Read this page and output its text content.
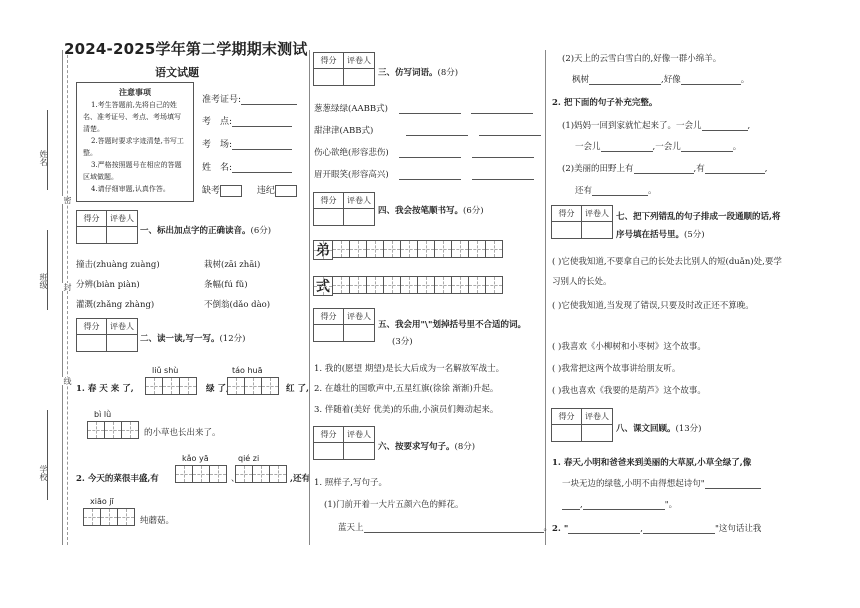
姓名
班级
学校
密
封
线
2024-2025学年第二学期期末测试
语文试题
注意事项

1.考生答题前,先将自己的姓名、准考证号、考点、考场填写清楚。

2.答题时要求字迹清楚,书写工整。

3.严格按照题号在相应的答题区域做题。

4.请仔细审题,认真作答。

准考证号:
考　点:
考　场:
姓　名:
缺考	违纪
得分	评卷人
一、标出加点字的正确读音。(6分)
撞击(zhuàng zuàng)	栽树(zāi zhāi)
分辨(biàn piàn)	条幅(fú fǔ)
灌溉(zhǎng zhàng)	不倒翁(dǎo dào)
得分	评卷人
二、读一读,写一写。(12分)
1. 春 天 来 了,
liǔ shù
绿 了,
táo huā
红 了,
bì lǜ
的小草也长出来了。
2. 今天的菜很丰盛,有
kǎo yā
、
qié zi
,还有
xiāo jī
纯蘑菇。
得分	评卷人
三、仿写词语。(8分)
葱葱绿绿(AABB式)
甜津津(ABB式)
伤心欲绝(形容悲伤)
眉开眼笑(形容高兴)
得分	评卷人
四、我会按笔顺书写。(6分)
弟
式
得分	评卷人
五、我会用"\"划掉括号里不合适的词。
(3分)
1. 我的(愿望 期望)是长大后成为一名解放军战士。
2. 在雄壮的国歌声中,五星红旗(徐徐 渐渐)升起。
3. 伴随着(美好 优美)的乐曲,小演员们舞动起来。
得分	评卷人
六、按要求写句子。(8分)
1. 照样子,写句子。
(1)门前开着一大片五颜六色的鲜花。
蓝天上	。
(2)天上的云雪白雪白的,好像一群小绵羊。
枫树	,好像	。
2. 把下面的句子补充完整。
(1)妈妈一回到家就忙起来了。一会儿	,
一会儿	,一会儿	。
(2)美丽的田野上有	,有	,
还有	。
得分	评卷人 七、把下列错乱的句子排成一段通顺的话,将序号填在括号里。(5分)
( )它使我知道,不要拿自己的长处去比别人的短(duǎn)处,要学习别人的长处。
( )它使我知道,当发现了错误,只要及时改正还不算晚。
( )我喜欢《小柳树和小枣树》这个故事。
( )我常把这两个故事讲给朋友听。
( )我也喜欢《我要的是葫芦》这个故事。
得分	评卷人
八、课文回顾。(13分)
1. 春天,小明和爸爸来到美丽的大草原,小草全绿了,像
一块无边的绿毯,小明不由得想起诗句"
,	"。
2. "	,	"这句话让我
